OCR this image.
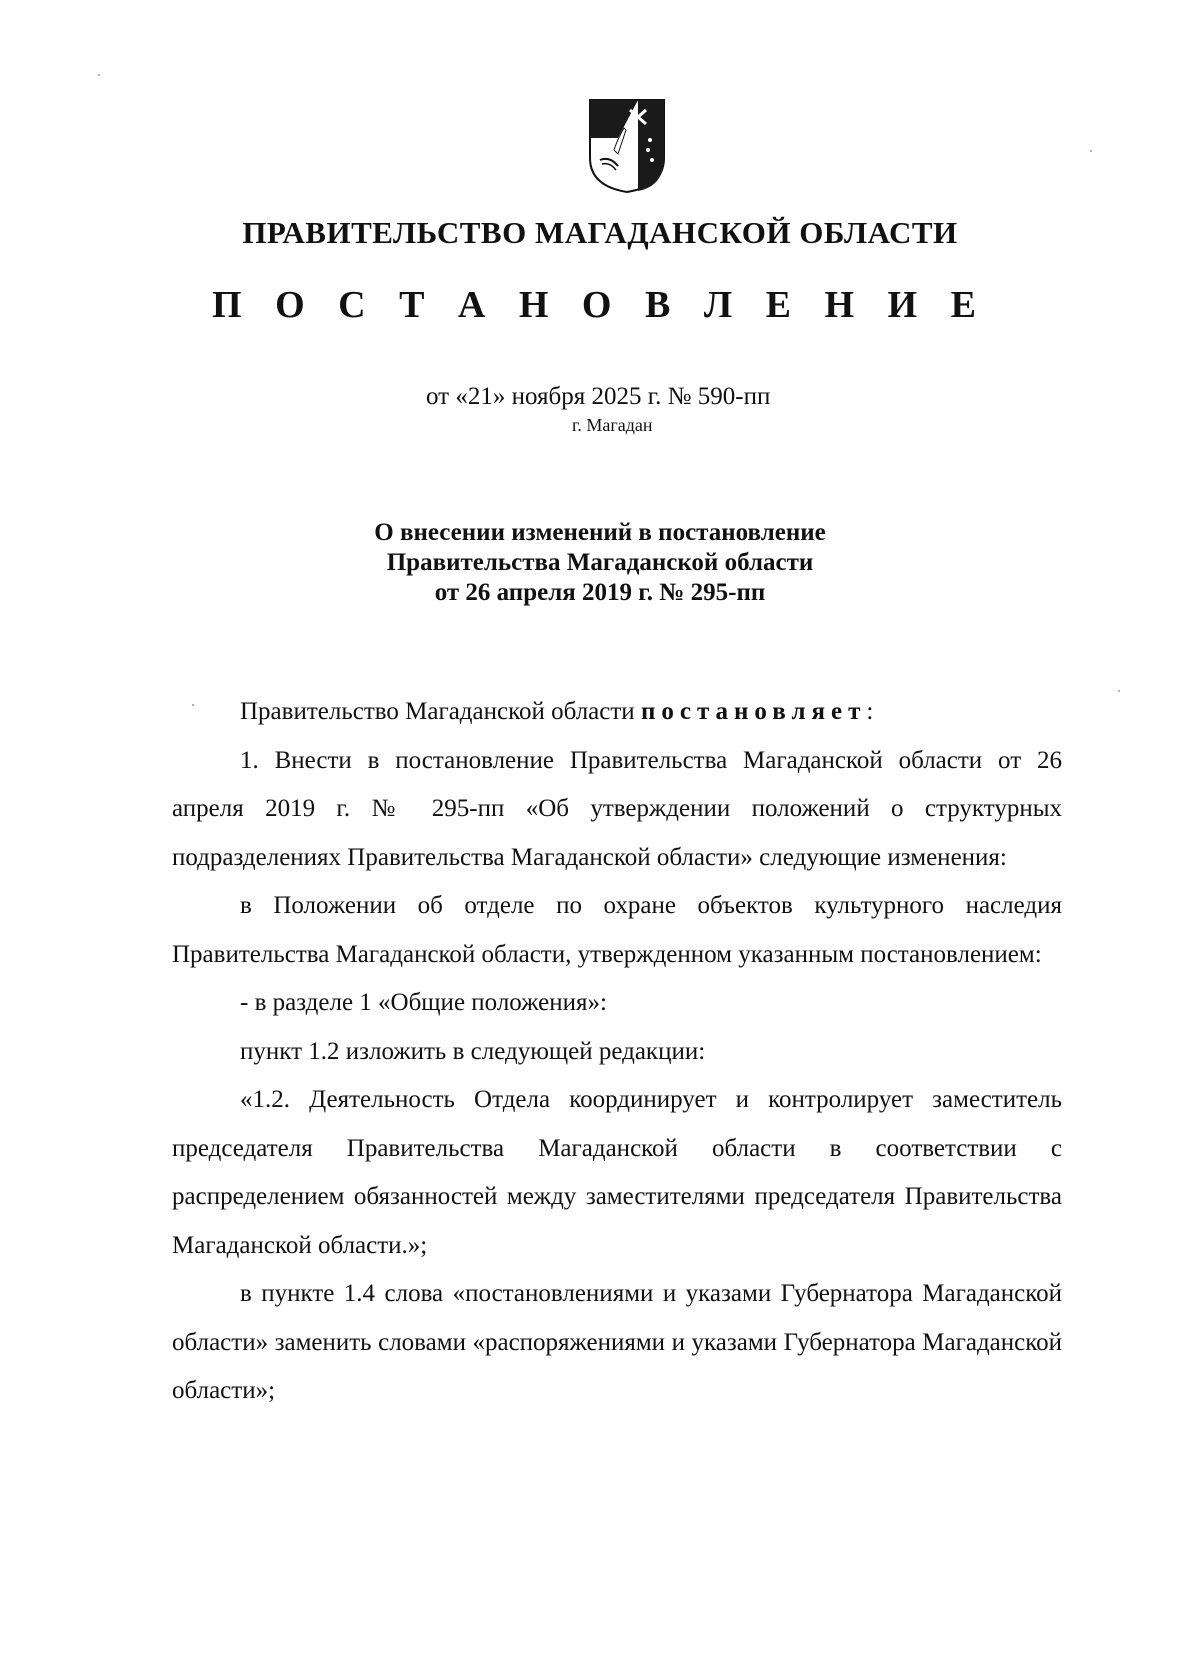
ПРАВИТЕЛЬСТВО МАГАДАНСКОЙ ОБЛАСТИ
П О С Т А Н О В Л Е Н И Е
от «21» ноября 2025 г. № 590-пп
г. Магадан
О внесении изменений в постановление
Правительства Магаданской области
от 26 апреля 2019 г. № 295-пп

Правительство Магаданской области постановляет:

1. Внести в постановление Правительства Магаданской области от 26 апреля 2019 г. № 295-пп «Об утверждении положений о структурных подразделениях Правительства Магаданской области» следующие изменения:

в Положении об отделе по охране объектов культурного наследия Правительства Магаданской области, утвержденном указанным постановлением:

- в разделе 1 «Общие положения»:

пункт 1.2 изложить в следующей редакции:

«1.2. Деятельность Отдела координирует и контролирует заместитель председателя Правительства Магаданской области в соответствии с распределением обязанностей между заместителями председателя Правительства Магаданской области.»;

в пункте 1.4 слова «постановлениями и указами Губернатора Магаданской области» заменить словами «распоряжениями и указами Губернатора Магаданской области»;
